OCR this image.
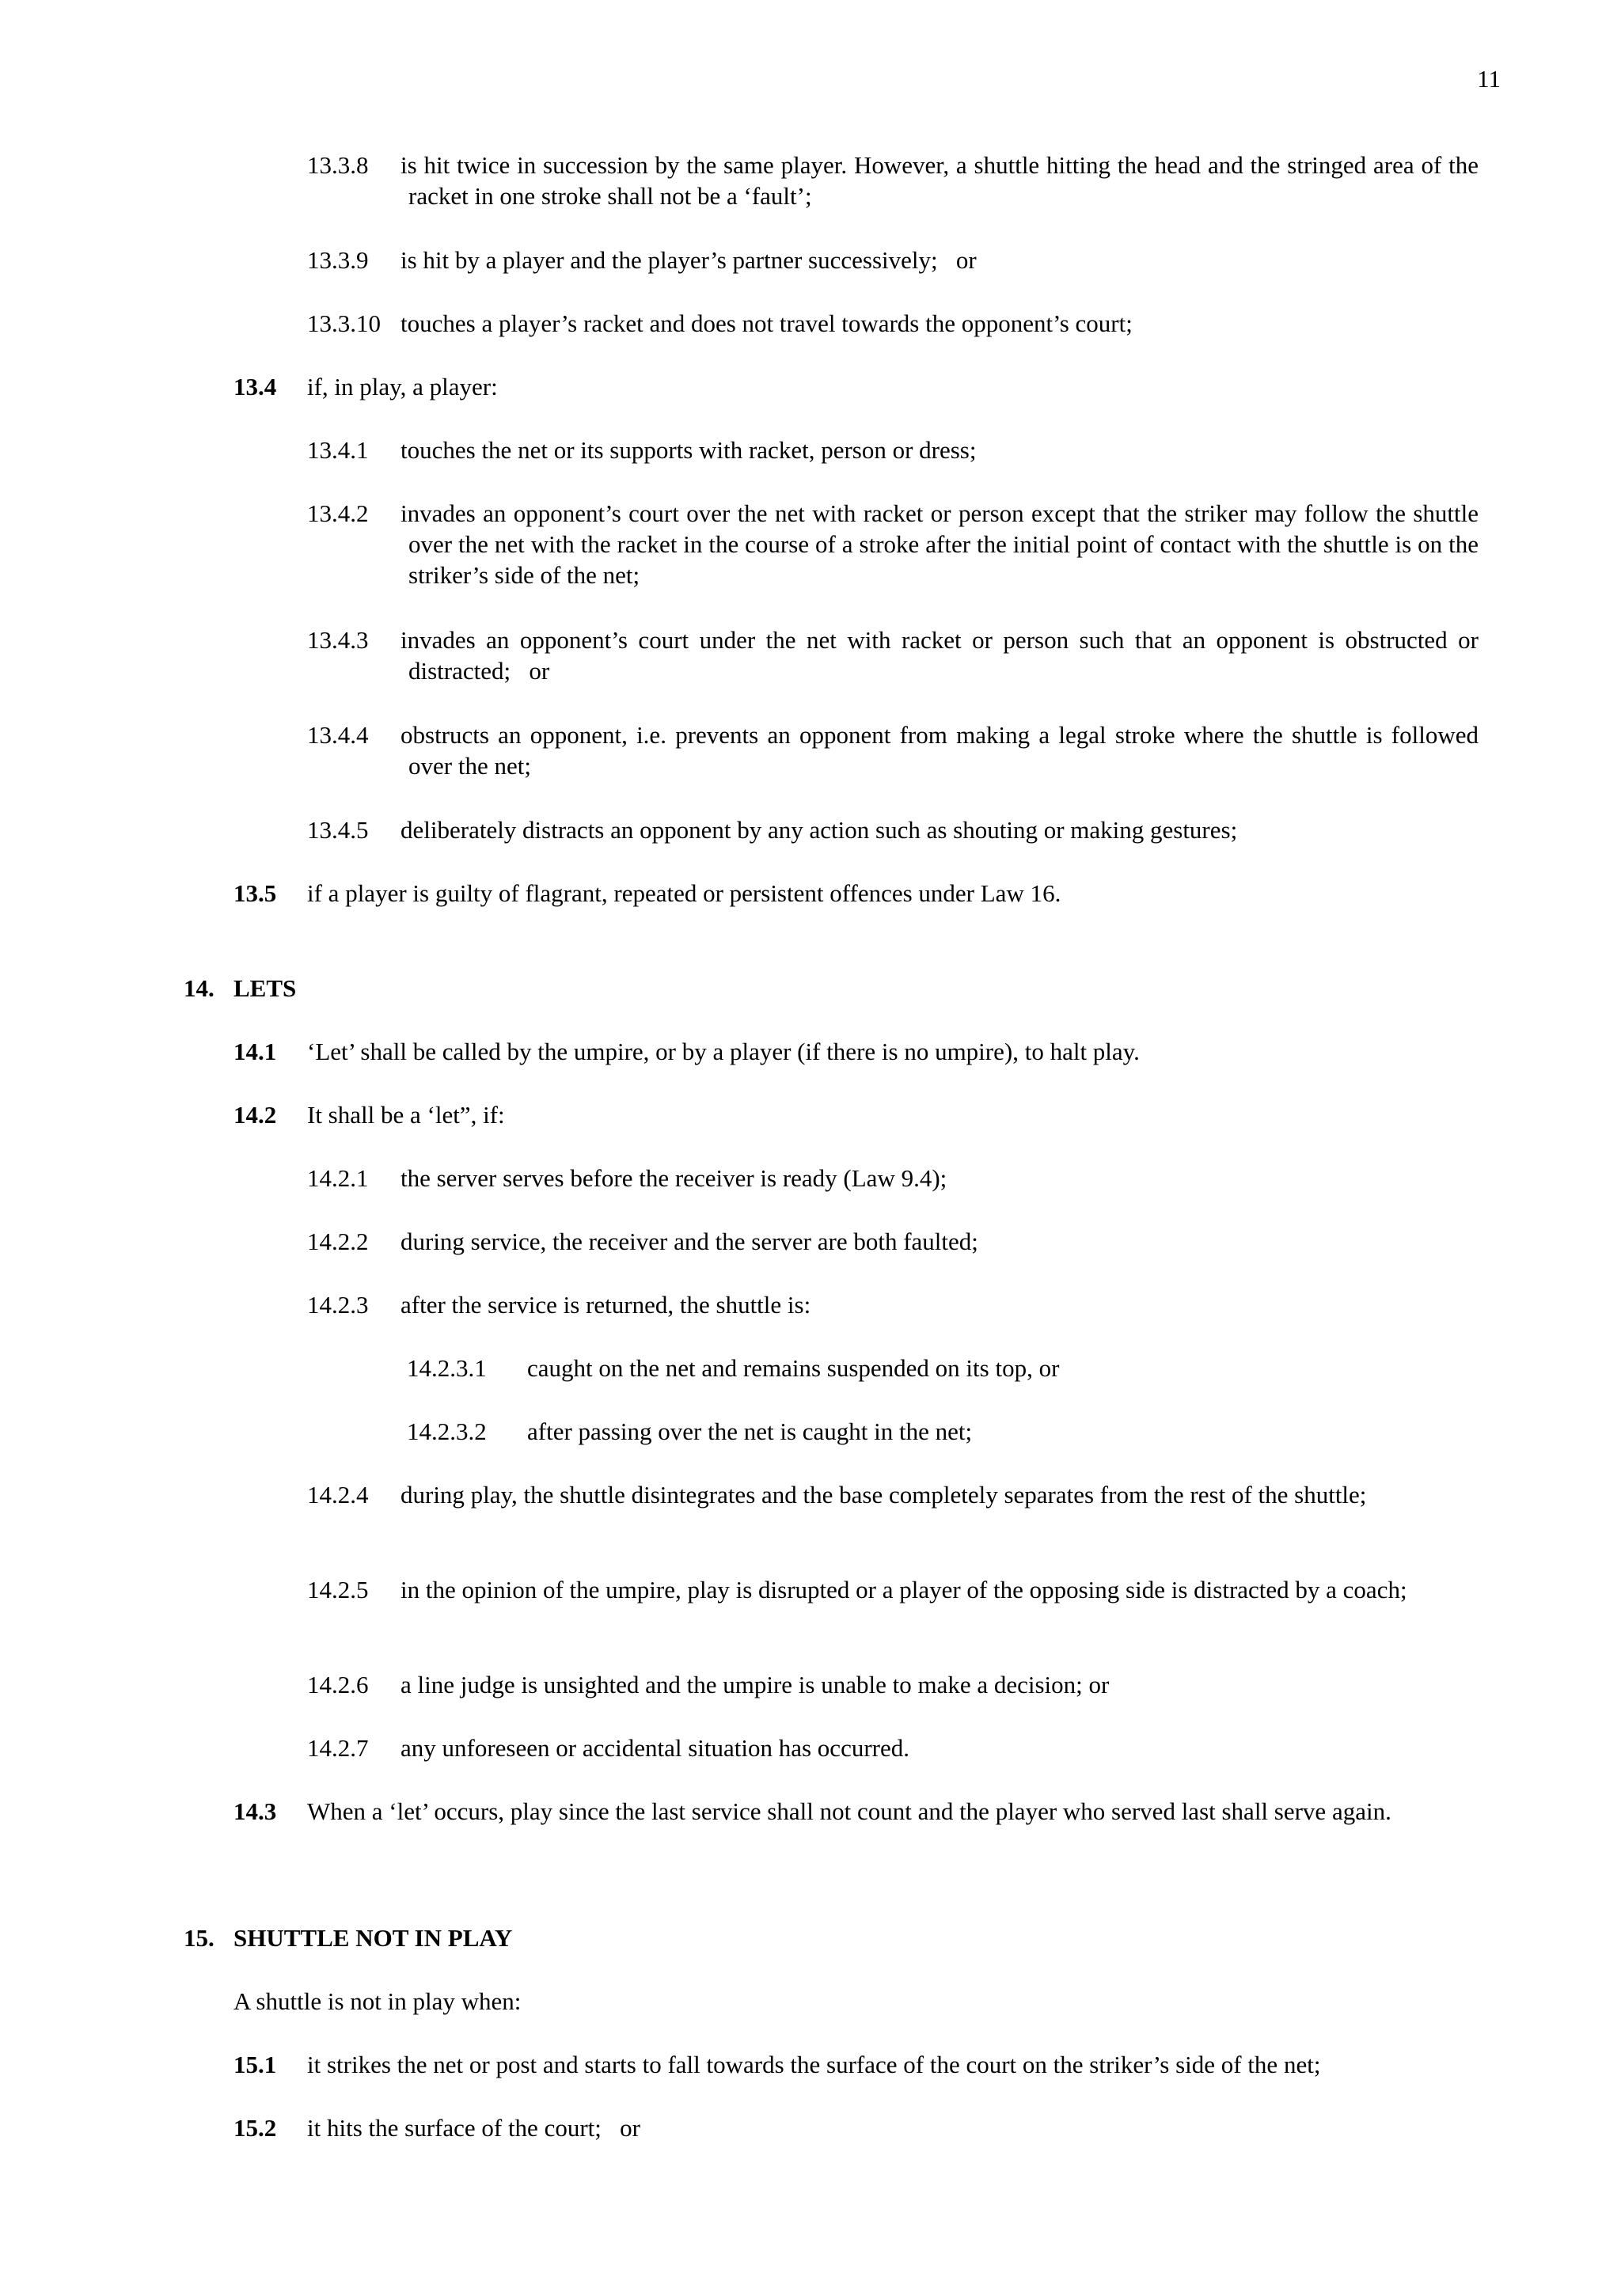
11
13.3.8	is hit twice in succession by the same player. However, a shuttle hitting the head and the stringed area of the racket in one stroke shall not be a ‘fault’;
13.3.9	is hit by a player and the player’s partner successively;   or
13.3.10 touches a player’s racket and does not travel towards the opponent’s court;
13.4	if, in play, a player:
13.4.1	touches the net or its supports with racket, person or dress;
13.4.2	invades an opponent’s court over the net with racket or person except that the striker may follow the shuttle over the net with the racket in the course of a stroke after the initial point of contact with the shuttle is on the striker’s side of the net;
13.4.3	invades an opponent’s court under the net with racket or person such that an opponent is obstructed or distracted;   or
13.4.4	obstructs an opponent, i.e. prevents an opponent from making a legal stroke where the shuttle is followed over the net;
13.4.5	deliberately distracts an opponent by any action such as shouting or making gestures;
13.5	if a player is guilty of flagrant, repeated or persistent offences under Law 16.
14. LETS
14.1	‘Let’ shall be called by the umpire, or by a player (if there is no umpire), to halt play.
14.2	It shall be a ‘let”, if:
14.2.1	the server serves before the receiver is ready (Law 9.4);
14.2.2	during service, the receiver and the server are both faulted;
14.2.3	after the service is returned, the shuttle is:
14.2.3.1	caught on the net and remains suspended on its top, or
14.2.3.2	after passing over the net is caught in the net;
14.2.4	during play, the shuttle disintegrates and the base completely separates from the rest of the shuttle;
14.2.5	in the opinion of the umpire, play is disrupted or a player of the opposing side is distracted by a coach;
14.2.6	a line judge is unsighted and the umpire is unable to make a decision; or
14.2.7	any unforeseen or accidental situation has occurred.
14.3	When a ‘let’ occurs, play since the last service shall not count and the player who served last shall serve again.
15. SHUTTLE NOT IN PLAY
A shuttle is not in play when:
15.1	it strikes the net or post and starts to fall towards the surface of the court on the striker’s side of the net;
15.2	it hits the surface of the court;   or
